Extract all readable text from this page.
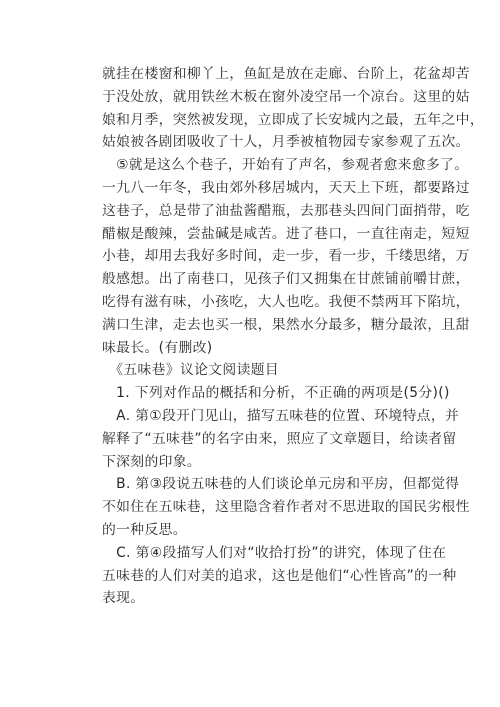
就挂在楼窗和柳丫上，鱼缸是放在走廊、台阶上，花盆却苦
于没处放，就用铁丝木板在窗外凌空吊一个凉台。这里的姑
娘和月季，突然被发现，立即成了长安城内之最，五年之中，
姑娘被各剧团吸收了十人，月季被植物园专家参观了五次。
　⑤就是这么个巷子，开始有了声名，参观者愈来愈多了。
一九八一年冬，我由郊外移居城内，天天上下班，都要路过
这巷子，总是带了油盐酱醋瓶，去那巷头四间门面捎带，吃
醋椒是酸辣，尝盐碱是咸苦。进了巷口，一直往南走，短短
小巷，却用去我好多时间，走一步，看一步，千缕思绪，万
般感想。出了南巷口，见孩子们又拥集在甘蔗铺前嚼甘蔗，
吃得有滋有味，小孩吃，大人也吃。我便不禁两耳下陷坑，
满口生津，走去也买一根，果然水分最多，糖分最浓，且甜
味最长。(有删改)
　《五味巷》议论文阅读题目
　1. 下列对作品的概括和分析，不正确的两项是(5分)()
　A. 第①段开门见山，描写五味巷的位置、环境特点，并
解释了“五味巷”的名字由来，照应了文章题目，给读者留
下深刻的印象。
　B. 第③段说五味巷的人们谈论单元房和平房，但都觉得
不如住在五味巷，这里隐含着作者对不思进取的国民劣根性
的一种反思。
　C. 第④段描写人们对“收拾打扮”的讲究，体现了住在
五味巷的人们对美的追求，这也是他们“心性皆高”的一种
表现。
